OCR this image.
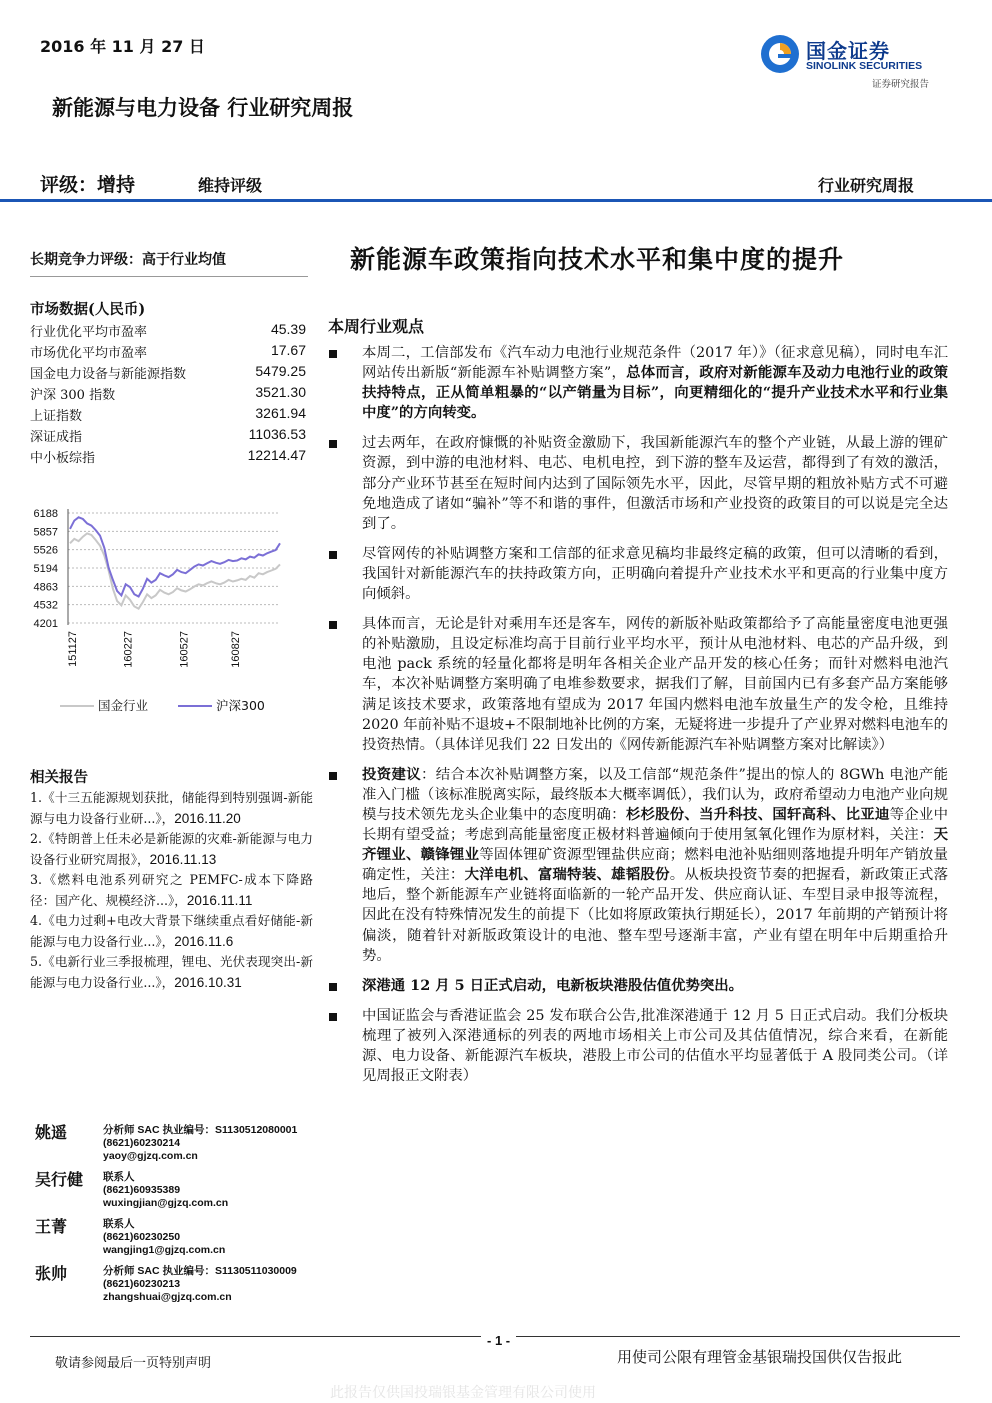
2016 年 11 月 27 日	国金证券
SINOLINK SECURITIES
证券研究报告
新能源与电力设备 行业研究周报
评级：增持	维持评级	行业研究周报
长期竞争力评级：高于行业均值
市场数据(人民币)
行业优化平均市盈率	45.39
市场优化平均市盈率	17.67
国金电力设备与新能源指数	5479.25
沪深 300 指数	3521.30
上证指数	3261.94
深证成指	11036.53
中小板综指	12214.47
6188
5857
5526
5194
4863
4532
4201
151127	160227	160527	160827
国金行业	沪深300
相关报告
1.《十三五能源规划获批，储能得到特别强调-新能源与电力设备行业研...》，2016.11.20
2.《特朗普上任未必是新能源的灾难-新能源与电力设备行业研究周报》，2016.11.13
3.《燃料电池系列研究之 PEMFC-成本下降路径：国产化、规模经济...》，2016.11.11
4.《电力过剩+电改大背景下继续重点看好储能-新能源与电力设备行业...》，2016.11.6
5.《电新行业三季报梳理，锂电、光伏表现突出-新能源与电力设备行业...》，2016.10.31
姚遥	分析师 SAC 执业编号：S1130512080001
(8621)60230214
yaoy@gjzq.com.cn
吴行健 联系人
(8621)60935389
wuxingjian@gjzq.com.cn
王菁	联系人
(8621)60230250
wangjing1@gjzq.com.cn
张帅	分析师 SAC 执业编号：S1130511030009
(8621)60230213
zhangshuai@gjzq.com.cn
新能源车政策指向技术水平和集中度的提升
本周行业观点
本周二，工信部发布《汽车动力电池行业规范条件（2017 年）》（征求意见稿），同时电车汇网站传出新版“新能源车补贴调整方案”，总体而言，政府对新能源车及动力电池行业的政策扶持特点，正从简单粗暴的“以产销量为目标”，向更精细化的“提升产业技术水平和行业集中度”的方向转变。
过去两年，在政府慷慨的补贴资金激励下，我国新能源汽车的整个产业链，从最上游的锂矿资源，到中游的电池材料、电芯、电机电控，到下游的整车及运营，都得到了有效的激活，部分产业环节甚至在短时间内达到了国际领先水平，因此，尽管早期的粗放补贴方式不可避免地造成了诸如“骗补”等不和谐的事件，但激活市场和产业投资的政策目的可以说是完全达到了。
尽管网传的补贴调整方案和工信部的征求意见稿均非最终定稿的政策，但可以清晰的看到，我国针对新能源汽车的扶持政策方向，正明确向着提升产业技术水平和更高的行业集中度方向倾斜。
具体而言，无论是针对乘用车还是客车，网传的新版补贴政策都给予了高能量密度电池更强的补贴激励，且设定标准均高于目前行业平均水平，预计从电池材料、电芯的产品升级，到电池 pack 系统的轻量化都将是明年各相关企业产品开发的核心任务；而针对燃料电池汽车，本次补贴调整方案明确了电堆参数要求，据我们了解，目前国内已有多套产品方案能够满足该技术要求，政策落地有望成为 2017 年国内燃料电池车放量生产的发令枪，且维持 2020 年前补贴不退坡+不限制地补比例的方案，无疑将进一步提升了产业界对燃料电池车的投资热情。（具体详见我们 22 日发出的《网传新能源汽车补贴调整方案对比解读》）
投资建议：结合本次补贴调整方案，以及工信部“规范条件”提出的惊人的 8GWh 电池产能准入门槛（该标准脱离实际，最终版本大概率调低），我们认为，政府希望动力电池产业向规模与技术领先龙头企业集中的态度明确：杉杉股份、当升科技、国轩高科、比亚迪等企业中长期有望受益；考虑到高能量密度正极材料普遍倾向于使用氢氧化锂作为原材料，关注：天齐锂业、赣锋锂业等固体锂矿资源型锂盐供应商；燃料电池补贴细则落地提升明年产销放量确定性，关注：大洋电机、富瑞特装、雄韬股份。从板块投资节奏的把握看，新政策正式落地后，整个新能源车产业链将面临新的一轮产品开发、供应商认证、车型目录申报等流程，因此在没有特殊情况发生的前提下（比如将原政策执行期延长），2017 年前期的产销预计将偏淡，随着针对新版政策设计的电池、整车型号逐渐丰富，产业有望在明年中后期重拾升势。
深港通 12 月 5 日正式启动，电新板块港股估值优势突出。
中国证监会与香港证监会 25 发布联合公告,批准深港通于 12 月 5 日正式启动。我们分板块梳理了被列入深港通标的列表的两地市场相关上市公司及其估值情况，综合来看，在新能源、电力设备、新能源汽车板块，港股上市公司的估值水平均显著低于 A 股同类公司。（详见周报正文附表）
- 1 -
敬请参阅最后一页特别声明	用使司公限有理管金基银瑞投国供仅告报此
此报告仅供国投瑞银基金管理有限公司使用
